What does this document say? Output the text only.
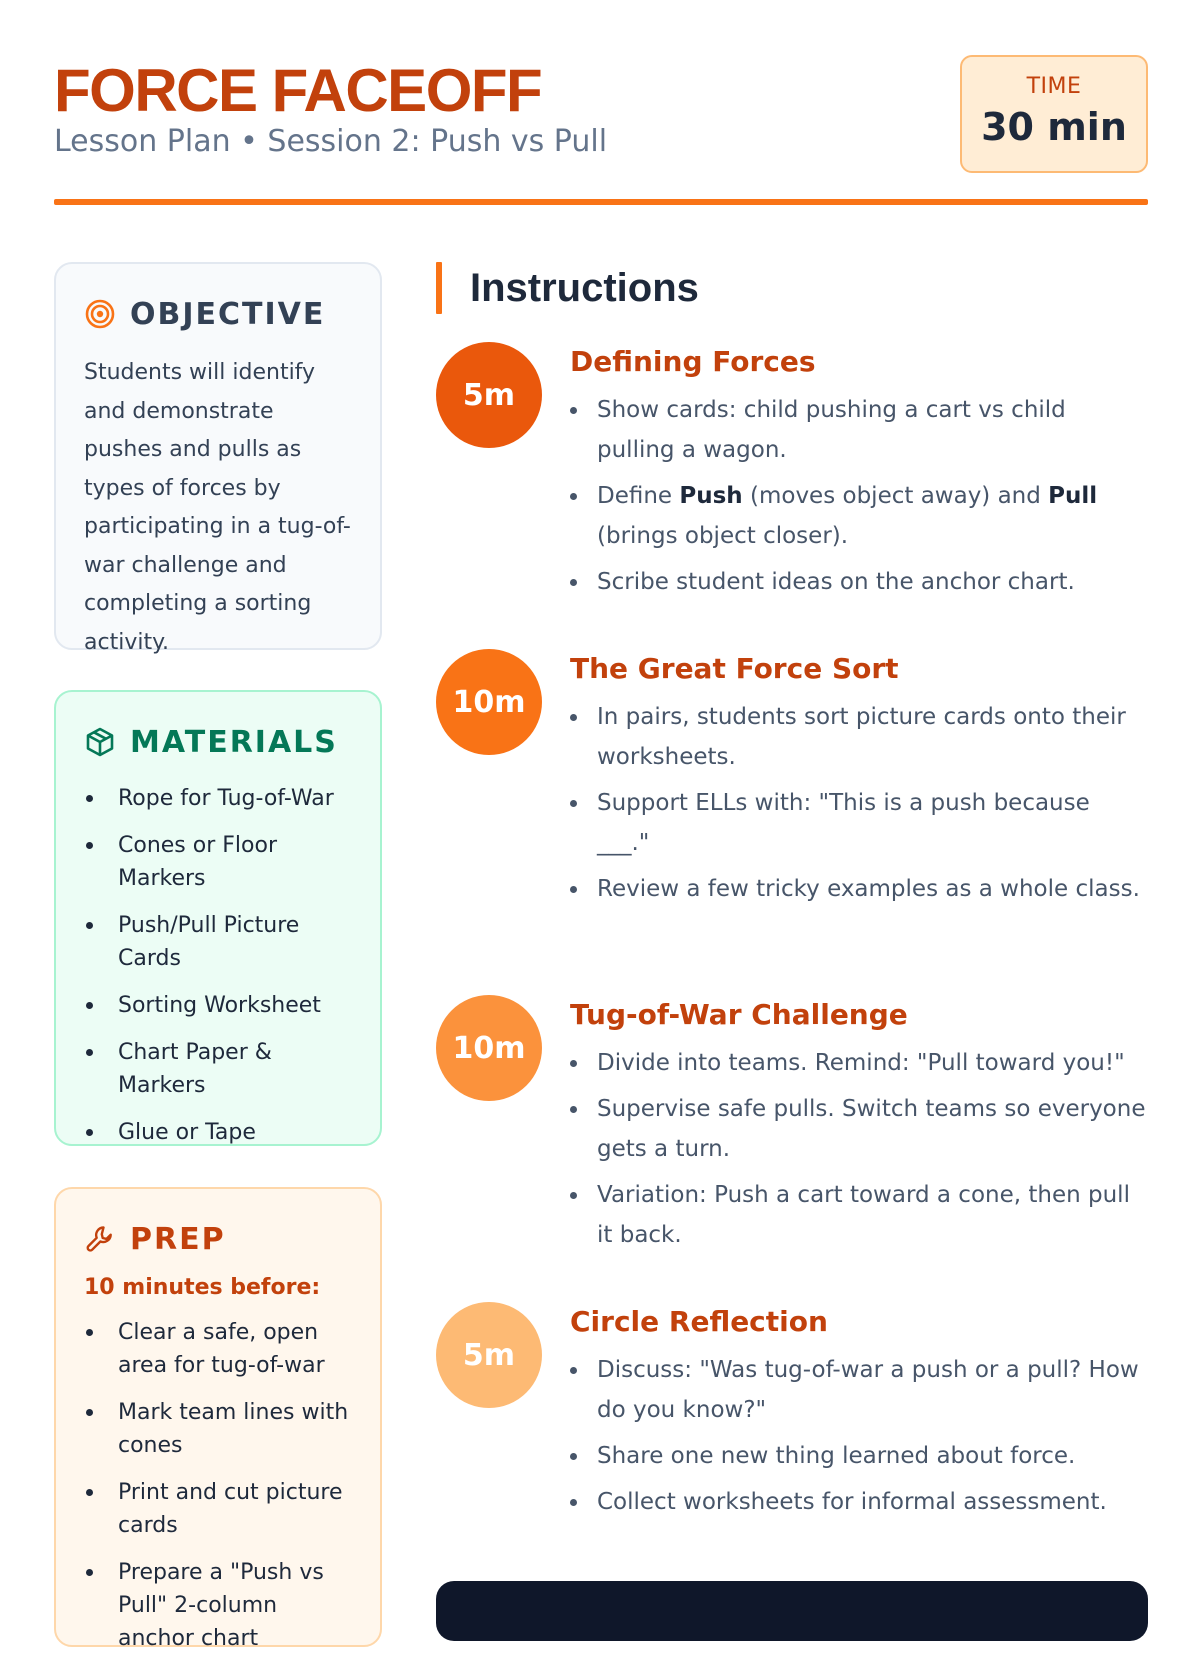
FORCE FACEOFF
Lesson Plan • Session 2: Push vs Pull
TIME
30 min
OBJECTIVE

Students will identify and demonstrate pushes and pulls as types of forces by participating in a tug-of-war challenge and completing a sorting activity.

MATERIALS
Rope for Tug-of-War
Cones or Floor Markers
Push/Pull Picture Cards
Sorting Worksheet
Chart Paper & Markers
Glue or Tape
PREP
10 minutes before:
Clear a safe, open area for tug-of-war
Mark team lines with cones
Print and cut picture cards
Prepare a "Push vs Pull" 2-column anchor chart
Instructions
5m
Defining Forces
Show cards: child pushing a cart vs child pulling a wagon.
Define Push (moves object away) and Pull (brings object closer).
Scribe student ideas on the anchor chart.
10m
The Great Force Sort
In pairs, students sort picture cards onto their worksheets.
Support ELLs with: "This is a push because ___."
Review a few tricky examples as a whole class.
10m
Tug-of-War Challenge
Divide into teams. Remind: "Pull toward you!"
Supervise safe pulls. Switch teams so everyone gets a turn.
Variation: Push a cart toward a cone, then pull it back.
5m
Circle Reflection
Discuss: "Was tug-of-war a push or a pull? How do you know?"
Share one new thing learned about force.
Collect worksheets for informal assessment.
